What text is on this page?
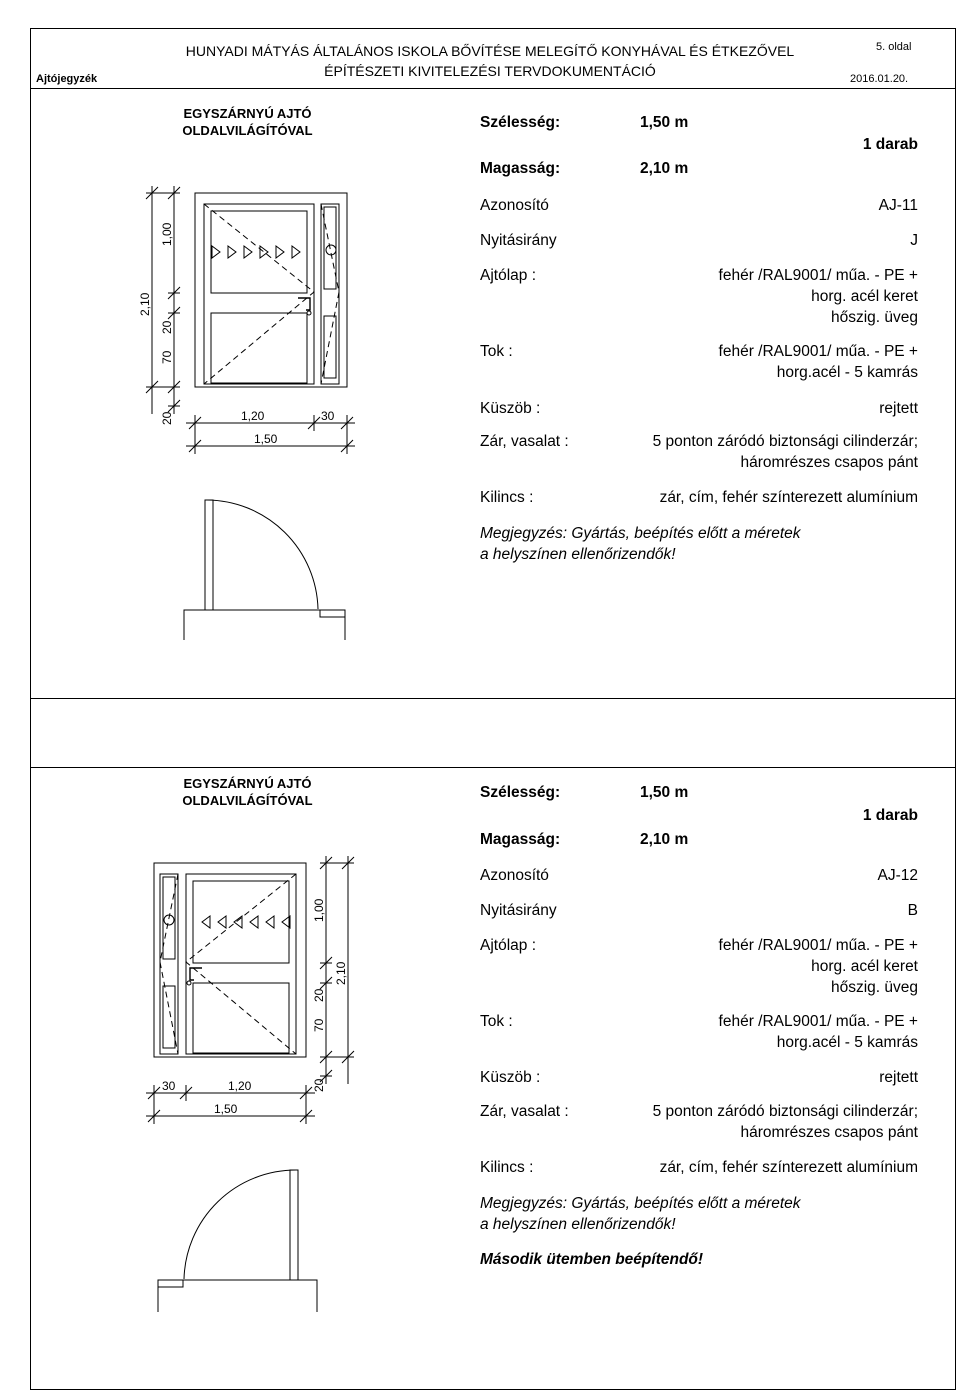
Ajtójegyzék
HUNYADI MÁTYÁS ÁLTALÁNOS ISKOLA BŐVÍTÉSE MELEGÍTŐ KONYHÁVAL ÉS ÉTKEZŐVEL
ÉPÍTÉSZETI KIVITELEZÉSI TERVDOKUMENTÁCIÓ
5. oldal
2016.01.20.
EGYSZÁRNYÚ AJTÓ
OLDALVILÁGÍTÓVAL	Szélesség:	1,50 m
Magasság:	2,10 m
1 darab
Azonosító	AJ-11
Nyitásirány	J
Ajtólap :	fehér /RAL9001/ műa. - PE +
horg. acél keret
hőszig. üveg
Tok :	fehér /RAL9001/ műa. - PE +
horg.acél - 5 kamrás
Küszöb :	rejtett
Zár, vasalat :	5 ponton záródó biztonsági cilinderzár;
háromrészes csapos pánt
Kilincs :	zár, cím, fehér színterezett alumínium
Megjegyzés: Gyártás, beépítés előtt a méretek
a helyszínen ellenőrizendők!
1,00
2,10
20
70
20	1,20	30
1,50
EGYSZÁRNYÚ AJTÓ
OLDALVILÁGÍTÓVAL	Szélesség:	1,50 m
Magasság:	2,10 m
1 darab
Azonosító	AJ-12
Nyitásirány	B
Ajtólap :	fehér /RAL9001/ műa. - PE +
horg. acél keret
hőszig. üveg
Tok :	fehér /RAL9001/ műa. - PE +
horg.acél - 5 kamrás
Küszöb :	rejtett
Zár, vasalat :	5 ponton záródó biztonsági cilinderzár;
háromrészes csapos pánt
Kilincs :	zár, cím, fehér színterezett alumínium
Megjegyzés: Gyártás, beépítés előtt a méretek
a helyszínen ellenőrizendők!
Második ütemben beépítendő!
1,00
2,10
20
70
20
30	1,20
1,50
